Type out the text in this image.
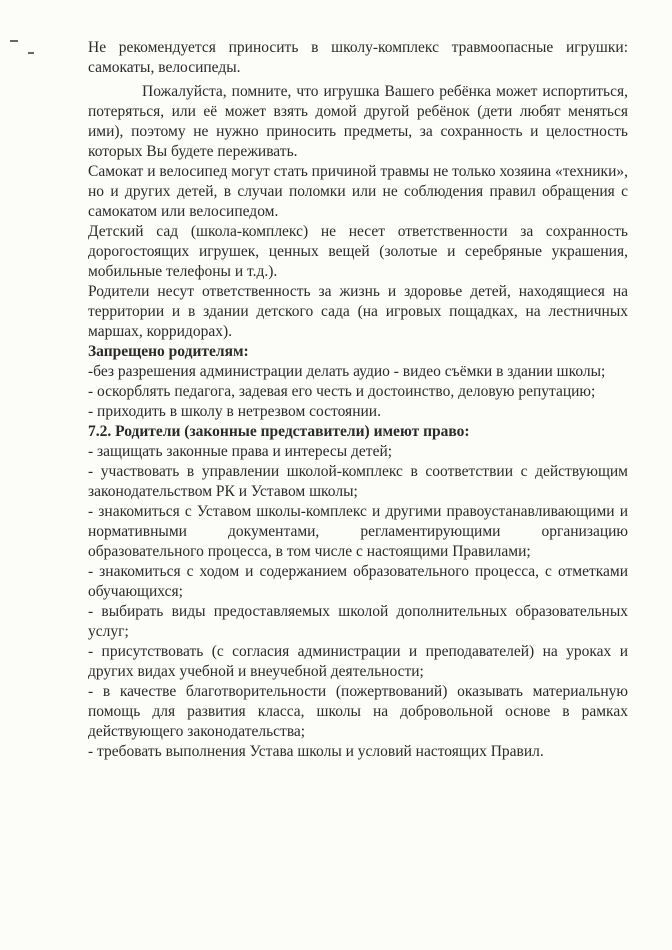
Не рекомендуется приносить в школу-комплекс травмоопасные игрушки: самокаты, велосипеды.

Пожалуйста, помните, что игрушка Вашего ребёнка может испортиться, потеряться, или её может взять домой другой ребёнок (дети любят меняться ими), поэтому не нужно приносить предметы, за сохранность и целостность которых Вы будете переживать.

Самокат и велосипед могут стать причиной травмы не только хозяина «техники», но и других детей, в случаи поломки или не соблюдения правил обращения с самокатом или велосипедом.

Детский сад (школа-комплекс) не несет ответственности за сохранность дорогостоящих игрушек, ценных вещей (золотые и серебряные украшения, мобильные телефоны и т.д.).

Родители несут ответственность за жизнь и здоровье детей, находящиеся на территории и в здании детского сада (на игровых пощадках, на лестничных маршах, корридорах).

Запрещено родителям:

-без разрешения администрации делать аудио - видео съёмки в здании школы;

- оскорблять педагога, задевая его честь и достоинство, деловую репутацию;

- приходить в школу в нетрезвом состоянии.

7.2. Родители (законные представители) имеют право:

- защищать законные права и интересы детей;

- участвовать в управлении школой-комплекс в соответствии с действующим законодательством РК и Уставом школы;

- знакомиться с Уставом школы-комплекс и другими правоустанавливающими и нормативными документами, регламентирующими организацию образовательного процесса, в том числе с настоящими Правилами;

- знакомиться с ходом и содержанием образовательного процесса, с отметками обучающихся;

- выбирать виды предоставляемых школой дополнительных образовательных услуг;

- присутствовать (с согласия администрации и преподавателей) на уроках и других видах учебной и внеучебной деятельности;

- в качестве благотворительности (пожертвований) оказывать материальную помощь для развития класса, школы на добровольной основе в рамках действующего законодательства;

- требовать выполнения Устава школы и условий настоящих Правил.
